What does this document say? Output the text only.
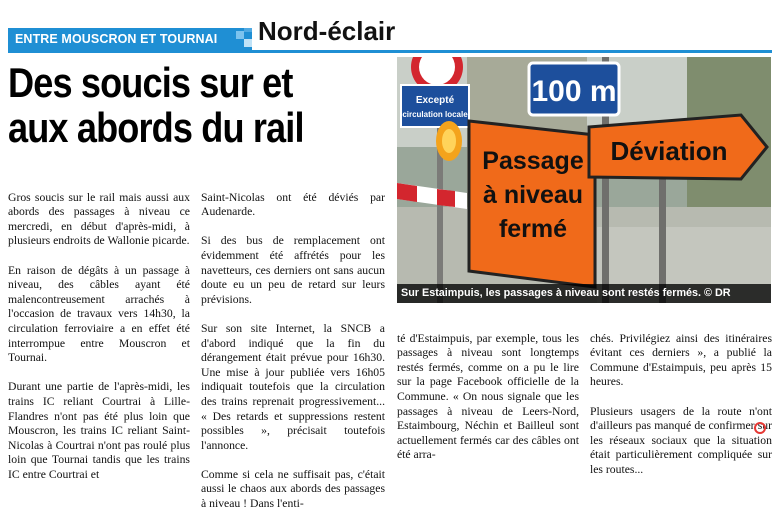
ENTRE MOUSCRON ET TOURNAI	Nord-éclair
Des soucis sur et aux abords du rail
100 m
Excepté
circulation locale
Passage
à niveau
fermé
Déviation
Sur Estaimpuis, les passages à niveau sont restés fermés. © DR

Gros soucis sur le rail mais aussi aux abords des passages à niveau ce mercredi, en début d'après-midi, à plusieurs endroits de Wallonie picarde.

En raison de dégâts à un passage à niveau, des câbles ayant été malencontreusement arrachés à l'occasion de travaux vers 14h30, la circulation ferroviaire a en effet été interrompue entre Mouscron et Tournai.

Durant une partie de l'après-midi, les trains IC reliant Courtrai à Lille-Flandres n'ont pas été plus loin que Mouscron, les trains IC reliant Saint-Nicolas à Courtrai n'ont pas roulé plus loin que Tournai tandis que les trains IC entre Courtrai et

Saint-Nicolas ont été déviés par Audenarde.

Si des bus de remplacement ont évidemment été affrétés pour les navetteurs, ces derniers ont sans aucun doute eu un peu de retard sur leurs prévisions.

Sur son site Internet, la SNCB a d'abord indiqué que la fin du dérangement était prévue pour 16h30. Une mise à jour publiée vers 16h05 indiquait toutefois que la circulation des trains reprenait progressivement... « Des retards et suppressions restent possibles », précisait toutefois l'annonce.

Comme si cela ne suffisait pas, c'était aussi le chaos aux abords des passages à niveau ! Dans l'enti-

té d'Estaimpuis, par exemple, tous les passages à niveau sont longtemps restés fermés, comme on a pu le lire sur la page Facebook officielle de la Commune. « On nous signale que les passages à niveau de Leers-Nord, Estaimbourg, Néchin et Bailleul sont actuellement fermés car des câbles ont été arra-

chés. Privilégiez ainsi des itinéraires évitant ces derniers », a publié la Commune d'Estaimpuis, peu après 15 heures.

Plusieurs usagers de la route n'ont d'ailleurs pas manqué de confirmer sur les réseaux sociaux que la situation était particulièrement compliquée sur les routes...
